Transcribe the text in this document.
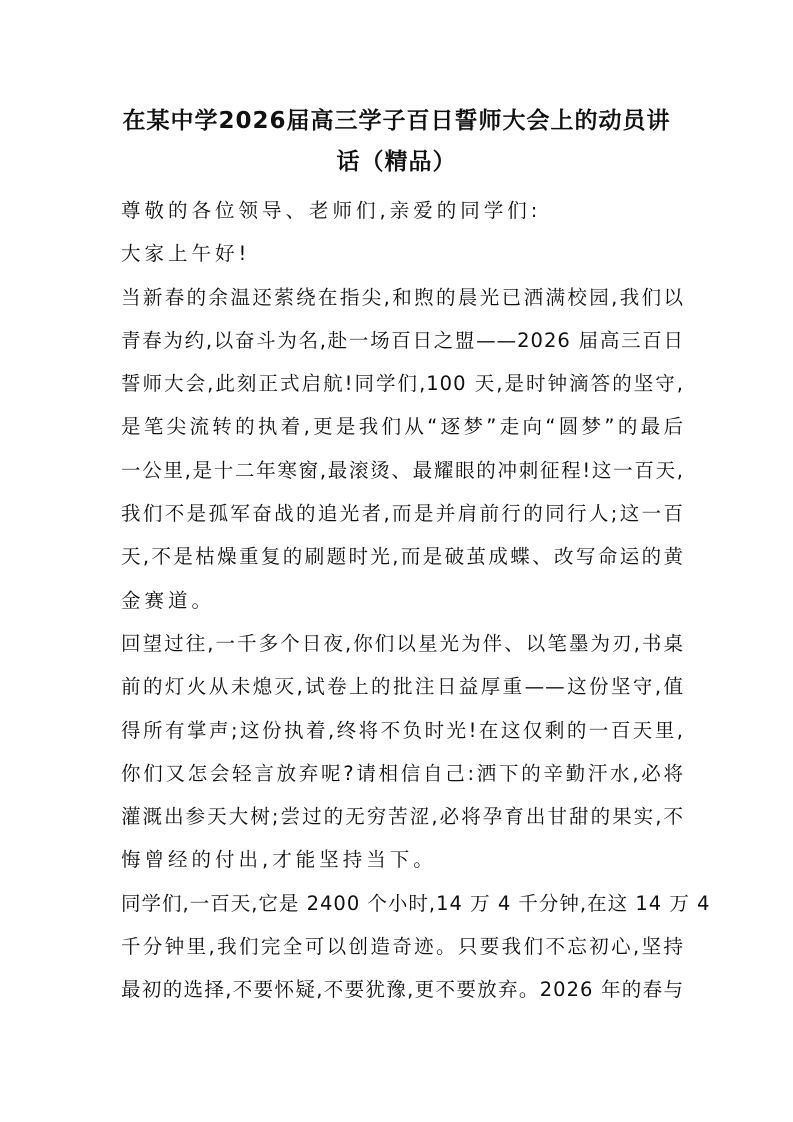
在某中学2026届高三学子百日誓师大会上的动员讲
话（精品）
尊敬的各位领导、老师们,亲爱的同学们:
大家上午好!
当新春的余温还萦绕在指尖,和煦的晨光已洒满校园,我们以
青春为约,以奋斗为名,赴一场百日之盟——2026 届高三百日
誓师大会,此刻正式启航!同学们,100 天,是时钟滴答的坚守,
是笔尖流转的执着,更是我们从“逐梦”走向“圆梦”的最后
一公里,是十二年寒窗,最滚烫、最耀眼的冲刺征程!这一百天,
我们不是孤军奋战的追光者,而是并肩前行的同行人;这一百
天,不是枯燥重复的刷题时光,而是破茧成蝶、改写命运的黄
金赛道。
回望过往,一千多个日夜,你们以星光为伴、以笔墨为刃,书桌
前的灯火从未熄灭,试卷上的批注日益厚重——这份坚守,值
得所有掌声;这份执着,终将不负时光!在这仅剩的一百天里,
你们又怎会轻言放弃呢?请相信自己:洒下的辛勤汗水,必将
灌溉出参天大树;尝过的无穷苦涩,必将孕育出甘甜的果实,不
悔曾经的付出,才能坚持当下。
同学们,一百天,它是 2400 个小时,14 万 4 千分钟,在这 14 万 4
千分钟里,我们完全可以创造奇迹。只要我们不忘初心,坚持
最初的选择,不要怀疑,不要犹豫,更不要放弃。2026 年的春与
